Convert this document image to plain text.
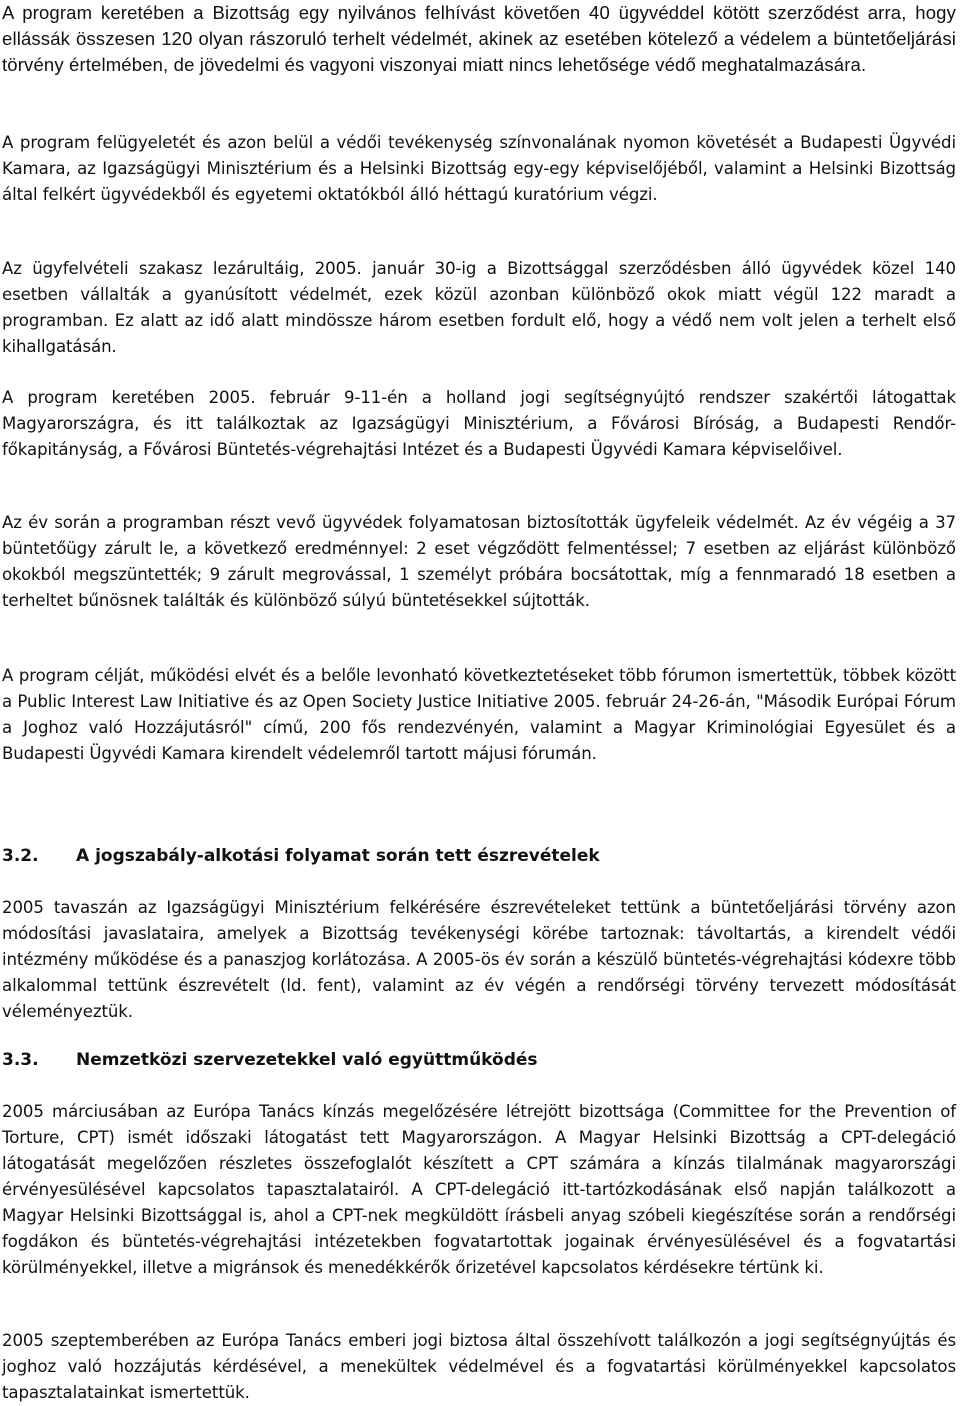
A program keretében a Bizottság egy nyilvános felhívást követően 40 ügyvéddel kötött szerződést arra, hogy ellássák összesen 120 olyan rászoruló terhelt védelmét, akinek az esetében kötelező a védelem a büntetőeljárási törvény értelmében, de jövedelmi és vagyoni viszonyai miatt nincs lehetősége védő meghatalmazására.

A program felügyeletét és azon belül a védői tevékenység színvonalának nyomon követését a Budapesti Ügyvédi Kamara, az Igazságügyi Minisztérium és a Helsinki Bizottság egy-egy képviselőjéből, valamint a Helsinki Bizottság által felkért ügyvédekből és egyetemi oktatókból álló héttagú kuratórium végzi.

Az ügyfelvételi szakasz lezárultáig, 2005. január 30-ig a Bizottsággal szerződésben álló ügyvédek közel 140 esetben vállalták a gyanúsított védelmét, ezek közül azonban különböző okok miatt végül 122 maradt a programban. Ez alatt az idő alatt mindössze három esetben fordult elő, hogy a védő nem volt jelen a terhelt első kihallgatásán.

A program keretében 2005. február 9-11-én a holland jogi segítségnyújtó rendszer szakértői látogattak Magyarországra, és itt találkoztak az Igazságügyi Minisztérium, a Fővárosi Bíróság, a Budapesti Rendőr-főkapitányság, a Fővárosi Büntetés-végrehajtási Intézet és a Budapesti Ügyvédi Kamara képviselőivel.

Az év során a programban részt vevő ügyvédek folyamatosan biztosították ügyfeleik védelmét. Az év végéig a 37 büntetőügy zárult le, a következő eredménnyel: 2 eset végződött felmentéssel; 7 esetben az eljárást különböző okokból megszüntették; 9 zárult megrovással, 1 személyt próbára bocsátottak, míg a fennmaradó 18 esetben a terheltet bűnösnek találták és különböző súlyú büntetésekkel sújtották.

A program célját, működési elvét és a belőle levonható következtetéseket több fórumon ismertettük, többek között a Public Interest Law Initiative és az Open Society Justice Initiative 2005. február 24-26-án, "Második Európai Fórum a Joghoz való Hozzájutásról" című, 200 fős rendezvényén, valamint a Magyar Kriminológiai Egyesület és a Budapesti Ügyvédi Kamara kirendelt védelemről tartott májusi fórumán.

3.2. A jogszabály-alkotási folyamat során tett észrevételek

2005 tavaszán az Igazságügyi Minisztérium felkérésére észrevételeket tettünk a büntetőeljárási törvény azon módosítási javaslataira, amelyek a Bizottság tevékenységi körébe tartoznak: távoltartás, a kirendelt védői intézmény működése és a panaszjog korlátozása. A 2005-ös év során a készülő büntetés-végrehajtási kódexre több alkalommal tettünk észrevételt (ld. fent), valamint az év végén a rendőrségi törvény tervezett módosítását véleményeztük.

3.3. Nemzetközi szervezetekkel való együttműködés

2005 márciusában az Európa Tanács kínzás megelőzésére létrejött bizottsága (Committee for the Prevention of Torture, CPT) ismét időszaki látogatást tett Magyarországon. A Magyar Helsinki Bizottság a CPT-delegáció látogatását megelőzően részletes összefoglalót készített a CPT számára a kínzás tilalmának magyarországi érvényesülésével kapcsolatos tapasztalatairól. A CPT-delegáció itt-tartózkodásának első napján találkozott a Magyar Helsinki Bizottsággal is, ahol a CPT-nek megküldött írásbeli anyag szóbeli kiegészítése során a rendőrségi fogdákon és büntetés-végrehajtási intézetekben fogvatartottak jogainak érvényesülésével és a fogvatartási körülményekkel, illetve a migránsok és menedékkérők őrizetével kapcsolatos kérdésekre tértünk ki.

2005 szeptemberében az Európa Tanács emberi jogi biztosa által összehívott találkozón a jogi segítségnyújtás és joghoz való hozzájutás kérdésével, a menekültek védelmével és a fogvatartási körülményekkel kapcsolatos tapasztalatainkat ismertettük.
